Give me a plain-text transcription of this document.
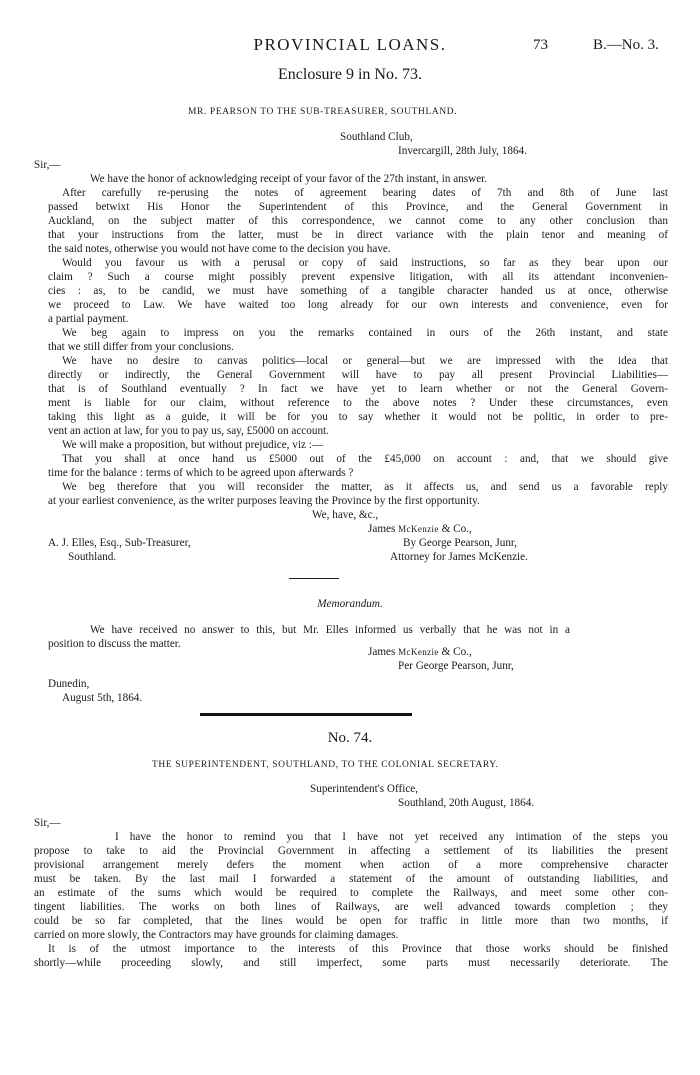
PROVINCIAL LOANS.	73	B.—No. 3.
Enclosure 9 in No. 73.
MR. PEARSON TO THE SUB-TREASURER, SOUTHLAND.
Southland Club,
Invercargill, 28th July, 1864.
Sir,—
We have the honor of acknowledging receipt of your favor of the 27th instant, in answer.
After carefully re-perusing the notes of agreement bearing dates of 7th and 8th of June last
passed betwixt His Honor the Superintendent of this Province, and the General Government in
Auckland, on the subject matter of this correspondence, we cannot come to any other conclusion than
that your instructions from the latter, must be in direct variance with the plain tenor and meaning of
the said notes, otherwise you would not have come to the decision you have.
Would you favour us with a perusal or copy of said instructions, so far as they bear upon our
claim ? Such a course might possibly prevent expensive litigation, with all its attendant inconvenien-
cies : as, to be candid, we must have something of a tangible character handed us at once, otherwise
we proceed to Law. We have waited too long already for our own interests and convenience, even for
a partial payment.
We beg again to impress on you the remarks contained in ours of the 26th instant, and state
that we still differ from your conclusions.
We have no desire to canvas politics—local or general—but we are impressed with the idea that
directly or indirectly, the General Government will have to pay all present Provincial Liabilities—
that is of Southland eventually ? In fact we have yet to learn whether or not the General Govern-
ment is liable for our claim, without reference to the above notes ? Under these circumstances, even
taking this light as a guide, it will be for you to say whether it would not be politic, in order to pre-
vent an action at law, for you to pay us, say, £5000 on account.
We will make a proposition, but without prejudice, viz :—
That you shall at once hand us £5000 out of the £45,000 on account : and, that we should give
time for the balance : terms of which to be agreed upon afterwards ?
We beg therefore that you will reconsider the matter, as it affects us, and send us a favorable reply
at your earliest convenience, as the writer purposes leaving the Province by the first opportunity.
We, have, &c.,
James McKenzie & Co.,
By George Pearson, Junr,
Attorney for James McKenzie.
A. J. Elles, Esq., Sub-Treasurer,
Southland.
Memorandum.
We have received no answer to this, but Mr. Elles informed us verbally that he was not in a
position to discuss the matter.
James McKenzie & Co.,
Per George Pearson, Junr,
Dunedin,
August 5th, 1864.
No. 74.
THE SUPERINTENDENT, SOUTHLAND, TO THE COLONIAL SECRETARY.
Superintendent's Office,
Southland, 20th August, 1864.
Sir,—
I have the honor to remind you that I have not yet received any intimation of the steps you
propose to take to aid the Provincial Government in affecting a settlement of its liabilities the present
provisional arrangement merely defers the moment when action of a more comprehensive character
must be taken. By the last mail I forwarded a statement of the amount of outstanding liabilities, and
an estimate of the sums which would be required to complete the Railways, and meet some other con-
tingent liabilities. The works on both lines of Railways, are well advanced towards completion ; they
could be so far completed, that the lines would be open for traffic in little more than two months, if
carried on more slowly, the Contractors may have grounds for claiming damages.
It is of the utmost importance to the interests of this Province that those works should be finished
shortly—while proceeding slowly, and still imperfect, some parts must necessarily deteriorate. The
